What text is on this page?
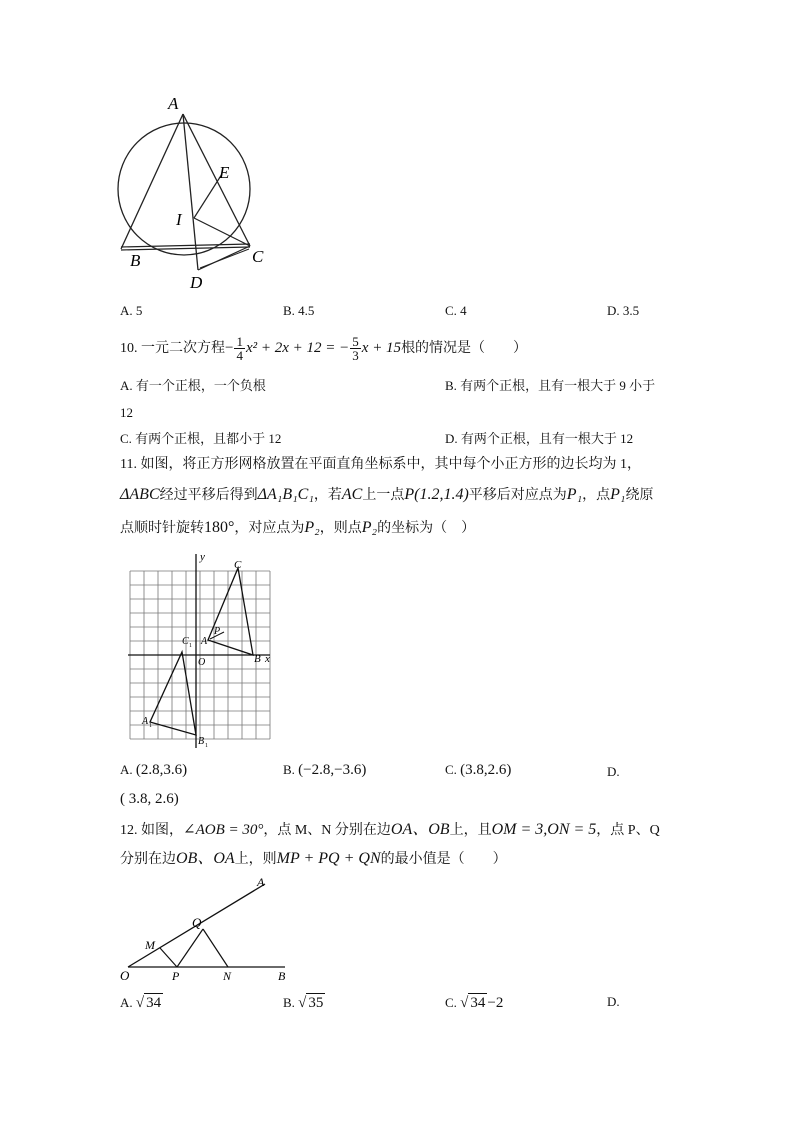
A
E
I
B	C
D
A. 5	B. 4.5	C. 4	D. 3.5
10. 一元二次方程− $\frac{1}{4} x^2 + 2x + 12$ = − $\frac{5}{3}$ x + 15根的情况是（　　）
A. 有一个正根，一个负根	B. 有两个正根，且有一根大于 9 小于
12
C. 有两个正根，且都小于 12	D. 有两个正根，且有一根大于 12
11. 如图，将正方形网格放置在平面直角坐标系中，其中每个小正方形的边长均为 1，
ΔABC经过平移后得到ΔA₁B₁C₁，若AC上一点P(1.2,1.4)平移后对应点为P₁，点P₁绕原
点顺时针旋转180°，对应点为P₂，则点P₂的坐标为（　）
y
x
C
P
A
C 1
O	B
A 1
B 1
A. (2.8,3.6)	B. (−2.8,−3.6)	C. (3.8,2.6)	D.
( 3.8, 2.6)
12. 如图，∠AOB = 30°，点 M、N 分别在边OA、OB上，且OM = 3,ON = 5，点 P、Q
分别在边OB、OA上，则MP + PQ + QN的最小值是（　　）
A
Q
M
O	P	N	B
A. √ 34	B. √ 35	C. √ 34 −2	D.
